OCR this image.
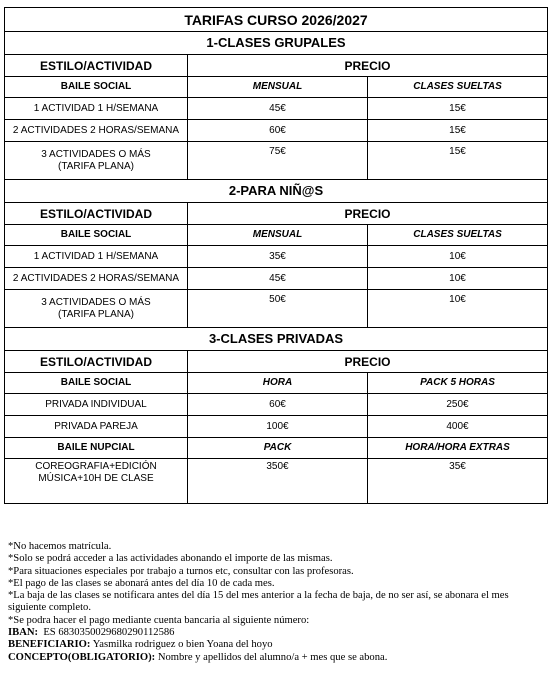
TARIFAS CURSO 2026/2027		
1-CLASES GRUPALES		
ESTILO/ACTIVIDAD	PRECIO	
BAILE SOCIAL	MENSUAL	CLASES SUELTAS
1 ACTIVIDAD 1 H/SEMANA	45€	15€
2 ACTIVIDADES 2 HORAS/SEMANA	60€	15€
3 ACTIVIDADES O MÁS
(TARIFA PLANA)	75€	15€
2-PARA NIÑ@S		
ESTILO/ACTIVIDAD	PRECIO	
BAILE SOCIAL	MENSUAL	CLASES SUELTAS
1 ACTIVIDAD 1 H/SEMANA	35€	10€
2 ACTIVIDADES 2 HORAS/SEMANA	45€	10€
3 ACTIVIDADES O MÁS
(TARIFA PLANA)	50€	10€
3-CLASES PRIVADAS		
ESTILO/ACTIVIDAD	PRECIO	
BAILE SOCIAL	HORA	PACK 5 HORAS
PRIVADA INDIVIDUAL	60€	250€
PRIVADA PAREJA	100€	400€
BAILE NUPCIAL	PACK	HORA/HORA EXTRAS
COREOGRAFIA+EDICIÓN
MÚSICA+10H DE CLASE	350€	35€

*No hacemos matrícula.

*Solo se podrá acceder a las actividades abonando el importe de las mismas.

*Para situaciones especiales por trabajo a turnos etc, consultar con las profesoras.

*El pago de las clases se abonará antes del día 10 de cada mes.

*La baja de las clases se notificara antes del día 15 del mes anterior a la fecha de baja, de no ser así, se abonara el mes siguiente completo.

*Se podra hacer el pago mediante cuenta bancaria al siguiente número:

IBAN: ES 6830350029680290112586

BENEFICIARIO: Yasmilka rodriguez o bien Yoana del hoyo

CONCEPTO(OBLIGATORIO): Nombre y apellidos del alumno/a + mes que se abona.
